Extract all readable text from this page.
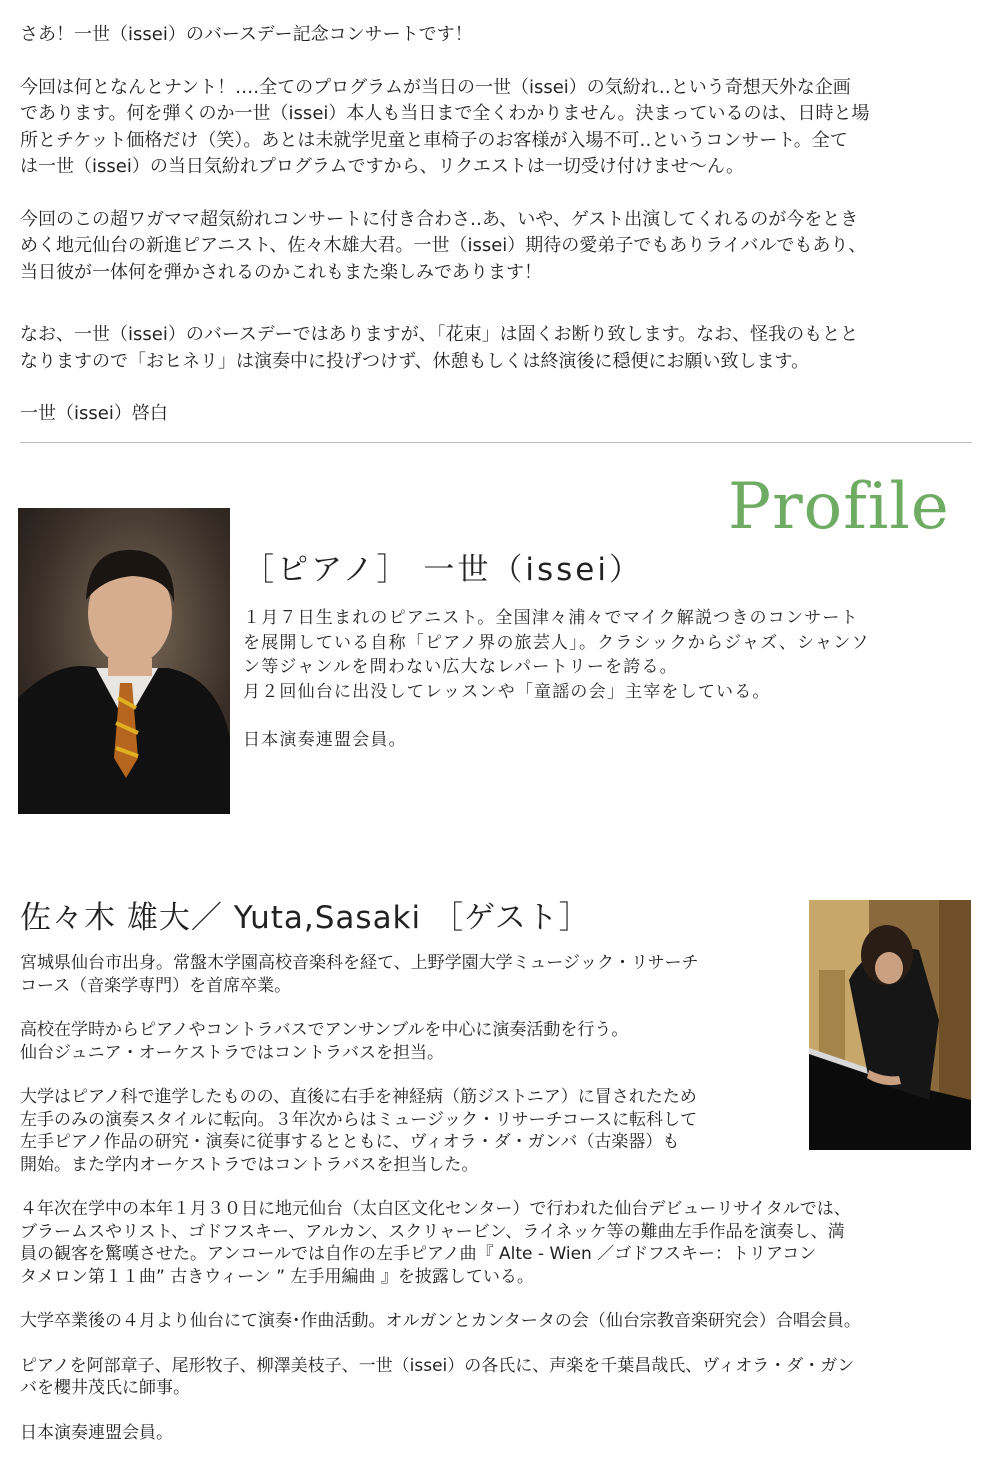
さあ！一世（issei）のバースデー記念コンサートです！

今回は何となんとナント！‥‥全てのプログラムが当日の一世（issei）の気紛れ‥という奇想天外な企画
であります。何を弾くのか一世（issei）本人も当日まで全くわかりません。決まっているのは、日時と場
所とチケット価格だけ（笑）。あとは未就学児童と車椅子のお客様が入場不可‥というコンサート。全て
は一世（issei）の当日気紛れプログラムですから、リクエストは一切受け付けませ〜ん。

今回のこの超ワガママ超気紛れコンサートに付き合わさ‥あ、いや、ゲスト出演してくれるのが今をとき
めく地元仙台の新進ピアニスト、佐々木雄大君。一世（issei）期待の愛弟子でもありライバルでもあり、
当日彼が一体何を弾かされるのかこれもまた楽しみであります！

なお、一世（issei）のバースデーではありますが、「花束」は固くお断り致します。なお、怪我のもとと
なりますので「おヒネリ」は演奏中に投げつけず、休憩もしくは終演後に穏便にお願い致します。

一世（issei）啓白

Profile
［ピアノ］ 一世（issei）

１月７日生まれのピアニスト。全国津々浦々でマイク解説つきのコンサート
を展開している自称「ピアノ界の旅芸人」。クラシックからジャズ、シャンソ
ン等ジャンルを問わない広大なレパートリーを誇る。
月２回仙台に出没してレッスンや「童謡の会」主宰をしている。

日本演奏連盟会員。

佐々木 雄大／ Yuta,Sasaki ［ゲスト］

宮城県仙台市出身。常盤木学園高校音楽科を経て、上野学園大学ミュージック・リサーチ
コース（音楽学専門）を首席卒業。

高校在学時からピアノやコントラバスでアンサンブルを中心に演奏活動を行う。
仙台ジュニア・オーケストラではコントラバスを担当。

大学はピアノ科で進学したものの、直後に右手を神経病（筋ジストニア）に冒されたため
左手のみの演奏スタイルに転向。３年次からはミュージック・リサーチコースに転科して
左手ピアノ作品の研究・演奏に従事するとともに、ヴィオラ・ダ・ガンバ（古楽器）も
開始。また学内オーケストラではコントラバスを担当した。

４年次在学中の本年１月３０日に地元仙台（太白区文化センター）で行われた仙台デビューリサイタルでは、
ブラームスやリスト、ゴドフスキー、アルカン、スクリャービン、ライネッケ等の難曲左手作品を演奏し、満
員の観客を驚嘆させた。アンコールでは自作の左手ピアノ曲『 Alte - Wien ／ゴドフスキー：トリアコン
タメロン第１１曲” 古きウィーン ” 左手用編曲 』を披露している。

大学卒業後の４月より仙台にて演奏･作曲活動。オルガンとカンタータの会（仙台宗教音楽研究会）合唱会員。

ピアノを阿部章子、尾形牧子、柳澤美枝子、一世（issei）の各氏に、声楽を千葉昌哉氏、ヴィオラ・ダ・ガン
バを櫻井茂氏に師事。

日本演奏連盟会員。
